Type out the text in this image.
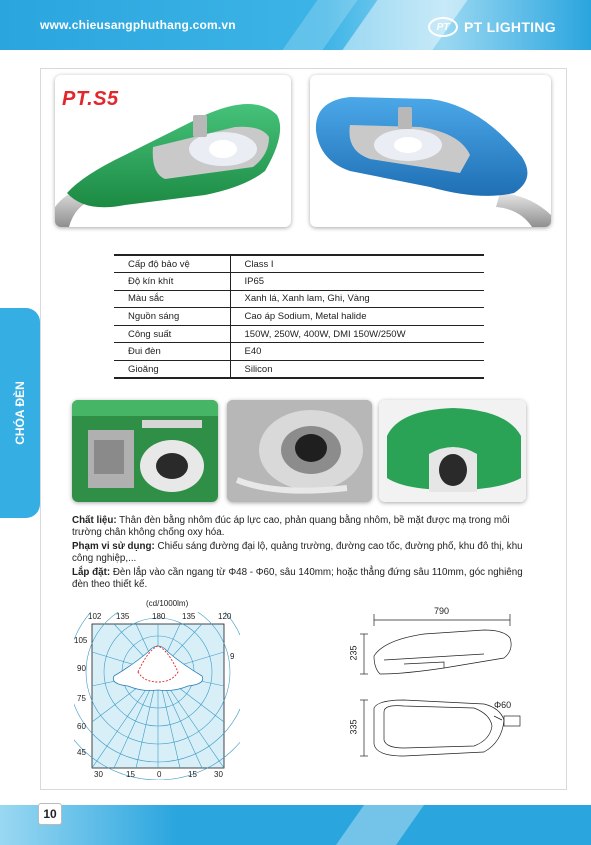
www.chieusangphuthang.com.vn	PT	PT LIGHTING
CHÓA ĐÈN
PT.S5
Cấp độ bảo vệ	Class I
Độ kín khít	IP65
Màu sắc	Xanh lá, Xanh lam, Ghi, Vàng
Nguồn sáng	Cao áp Sodium, Metal halide
Công suất	150W, 250W, 400W, DMI 150W/250W
Đui đèn	E40
Gioăng	Silicon
Chất liệu: Thân đèn bằng nhôm đúc áp lực cao, phản quang bằng nhôm, bề mặt được mạ trong môi trường chân không chống oxy hóa.
Phạm vi sử dụng: Chiếu sáng đường đại lộ, quảng trường, đường cao tốc, đường phố, khu đô thị, khu công nghiệp,...
Lắp đặt: Đèn lắp vào cần ngang từ Φ48 - Φ60, sâu 140mm; hoặc thẳng đứng sâu 110mm, góc nghiêng đèn theo thiết kế.
(cd/1000lm)
102 135	180 135	120
105
90
75
60
45
9
30	15	0	15 30
790
235
335
Φ60
10
